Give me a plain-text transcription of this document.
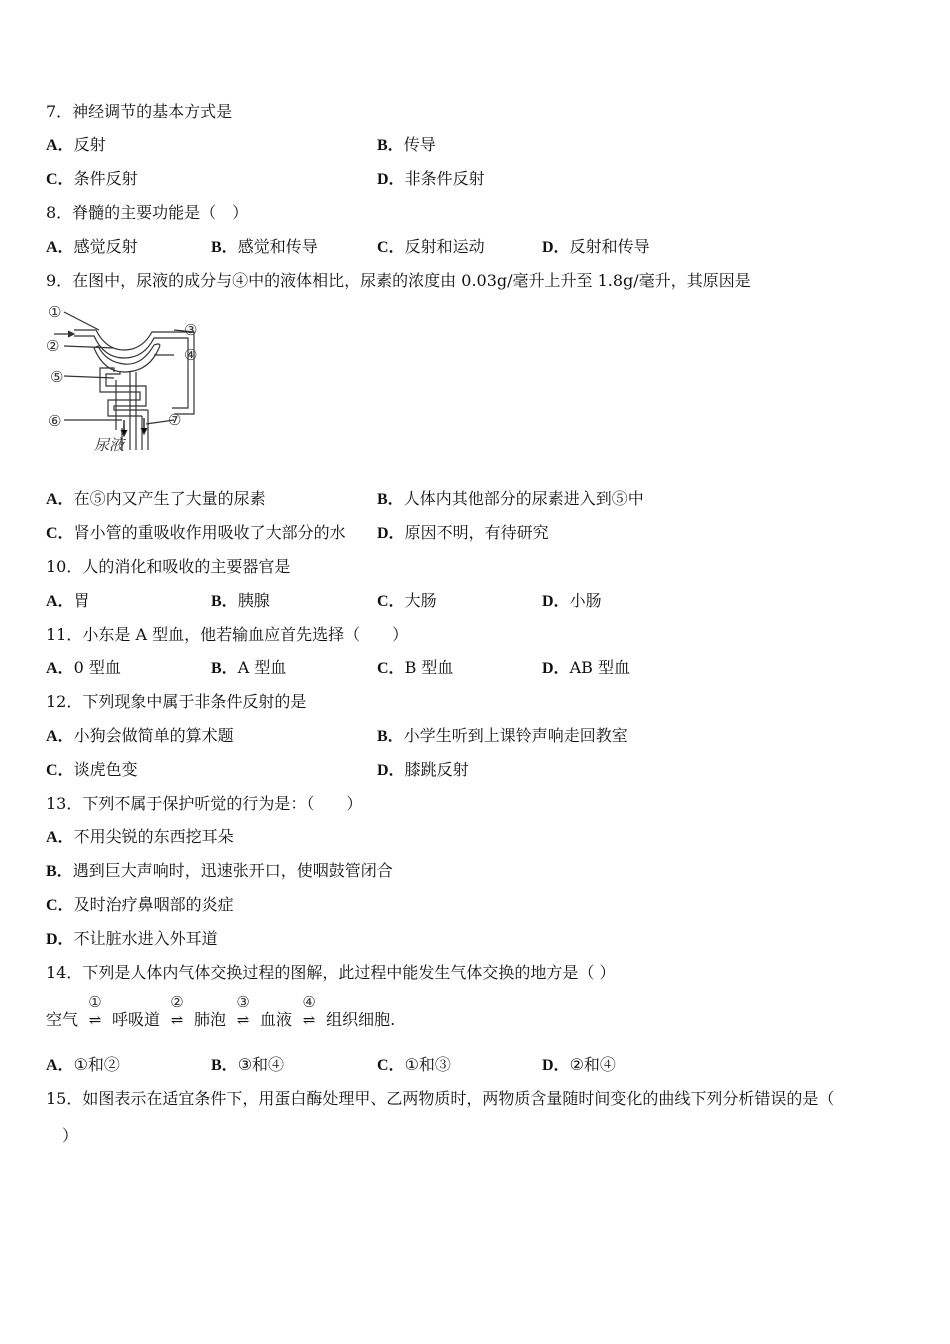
7．神经调节的基本方式是
A．反射	B．传导
C．条件反射	D．非条件反射
8．脊髓的主要功能是（　）
A．感觉反射	B．感觉和传导	C．反射和运动	D．反射和传导
9．在图中，尿液的成分与④中的液体相比，尿素的浓度由 0.03g/毫升上升至 1.8g/毫升，其原因是
①
②
③
④
⑤
⑥	⑦
尿液
A．在⑤内又产生了大量的尿素	B．人体内其他部分的尿素进入到⑤中
C．肾小管的重吸收作用吸收了大部分的水 D．原因不明，有待研究
10．人的消化和吸收的主要器官是
A．胃	B．胰腺	C．大肠	D．小肠
11．小东是 A 型血，他若输血应首先选择（　　）
A．0 型血	B．A 型血	C．B 型血	D．AB 型血
12．下列现象中属于非条件反射的是
A．小狗会做简单的算术题	B．小学生听到上课铃声响走回教室
C．谈虎色变	D．膝跳反射
13．下列不属于保护听觉的行为是：（　　）
A．不用尖锐的东西挖耳朵
B．遇到巨大声响时，迅速张开口，使咽鼓管闭合
C．及时治疗鼻咽部的炎症
D．不让脏水进入外耳道
14．下列是人体内气体交换过程的图解，此过程中能发生气体交换的地方是（ ）
空气
①
⇌ 呼吸道
②
⇌ 肺泡
③
⇌ 血液
④
⇌ 组织细胞.
A．①和②	B．③和④	C．①和③	D．②和④
15．如图表示在适宜条件下，用蛋白酶处理甲、乙两物质时，两物质含量随时间变化的曲线下列分析错误的是（
）
